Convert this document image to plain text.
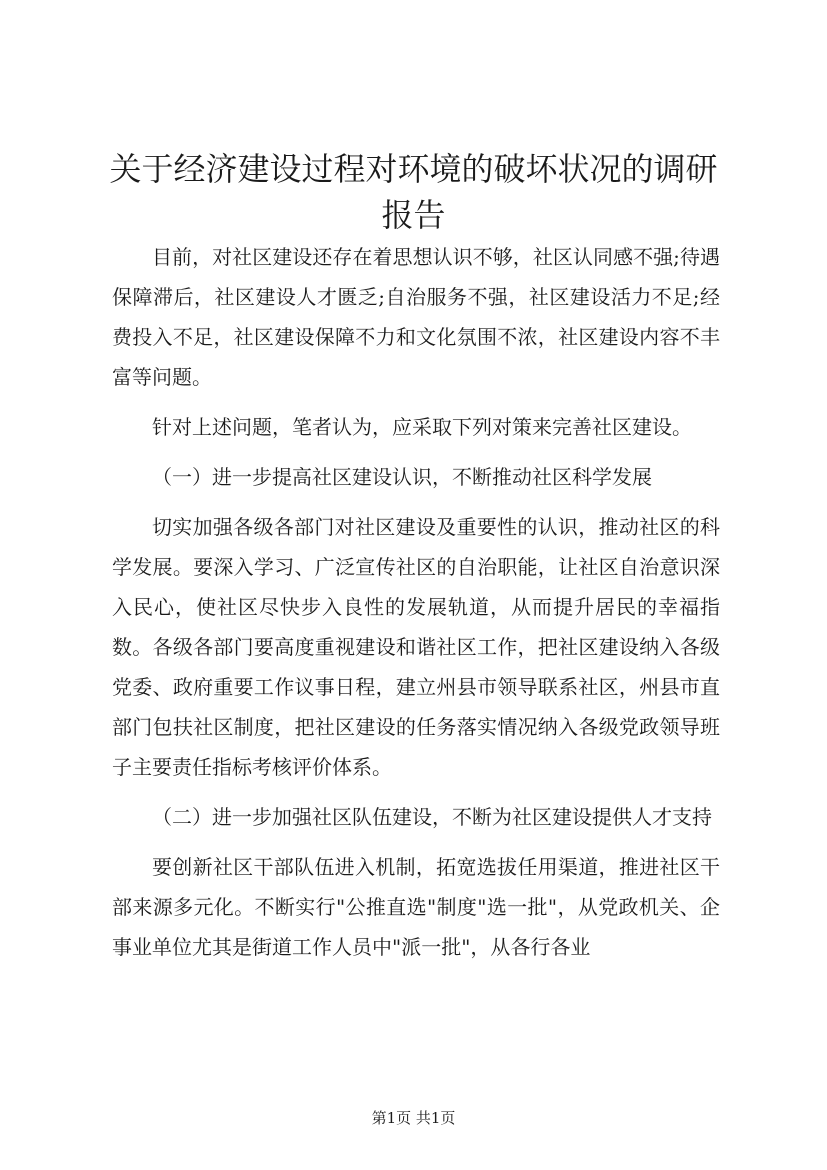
关于经济建设过程对环境的破坏状况的调研报告

目前，对社区建设还存在着思想认识不够，社区认同感不强;待遇保障滞后，社区建设人才匮乏;自治服务不强，社区建设活力不足;经费投入不足，社区建设保障不力和文化氛围不浓，社区建设内容不丰富等问题。

针对上述问题，笔者认为，应采取下列对策来完善社区建设。

（一）进一步提高社区建设认识，不断推动社区科学发展

切实加强各级各部门对社区建设及重要性的认识，推动社区的科学发展。要深入学习、广泛宣传社区的自治职能，让社区自治意识深入民心，使社区尽快步入良性的发展轨道，从而提升居民的幸福指数。各级各部门要高度重视建设和谐社区工作，把社区建设纳入各级党委、政府重要工作议事日程，建立州县市领导联系社区，州县市直部门包扶社区制度，把社区建设的任务落实情况纳入各级党政领导班子主要责任指标考核评价体系。

（二）进一步加强社区队伍建设，不断为社区建设提供人才支持

要创新社区干部队伍进入机制，拓宽选拔任用渠道，推进社区干部来源多元化。不断实行"公推直选"制度"选一批"，从党政机关、企事业单位尤其是街道工作人员中"派一批"，从各行各业

第1页 共1页
